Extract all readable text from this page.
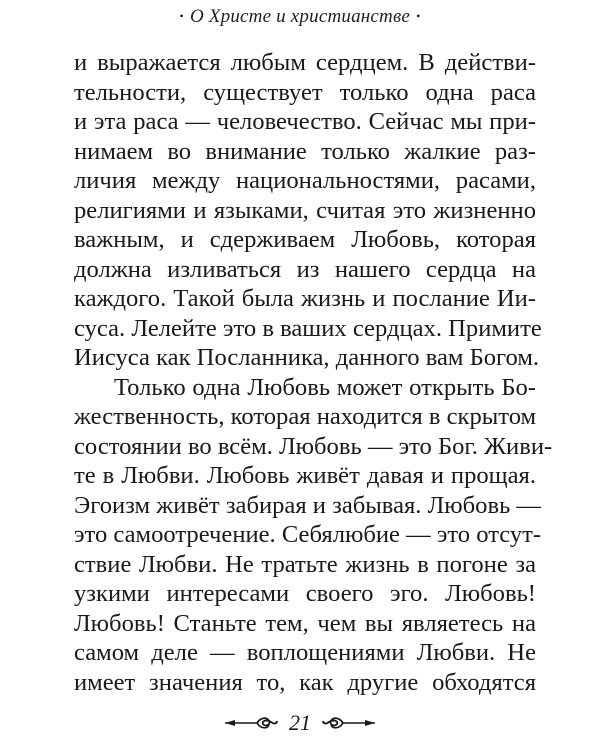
• О Христе и христианстве •
и выражается любым сердцем. В действи-
тельности, существует только одна раса
и эта раса — человечество. Сейчас мы при-
нимаем во внимание только жалкие раз-
личия между национальностями, расами,
религиями и языками, считая это жизненно
важным, и сдерживаем Любовь, которая
должна изливаться из нашего сердца на
каждого. Такой была жизнь и послание Ии-
суса. Лелейте это в ваших сердцах. Примите
Иисуса как Посланника, данного вам Богом.
Только одна Любовь может открыть Бо-
жественность, которая находится в скрытом
состоянии во всём. Любовь — это Бог. Живи-
те в Любви. Любовь живёт давая и прощая.
Эгоизм живёт забирая и забывая. Любовь —
это самоотречение. Себялюбие — это отсут-
ствие Любви. Не тратьте жизнь в погоне за
узкими интересами своего эго. Любовь!
Любовь! Станьте тем, чем вы являетесь на
самом деле — воплощениями Любви. Не
имеет значения то, как другие обходятся
21
